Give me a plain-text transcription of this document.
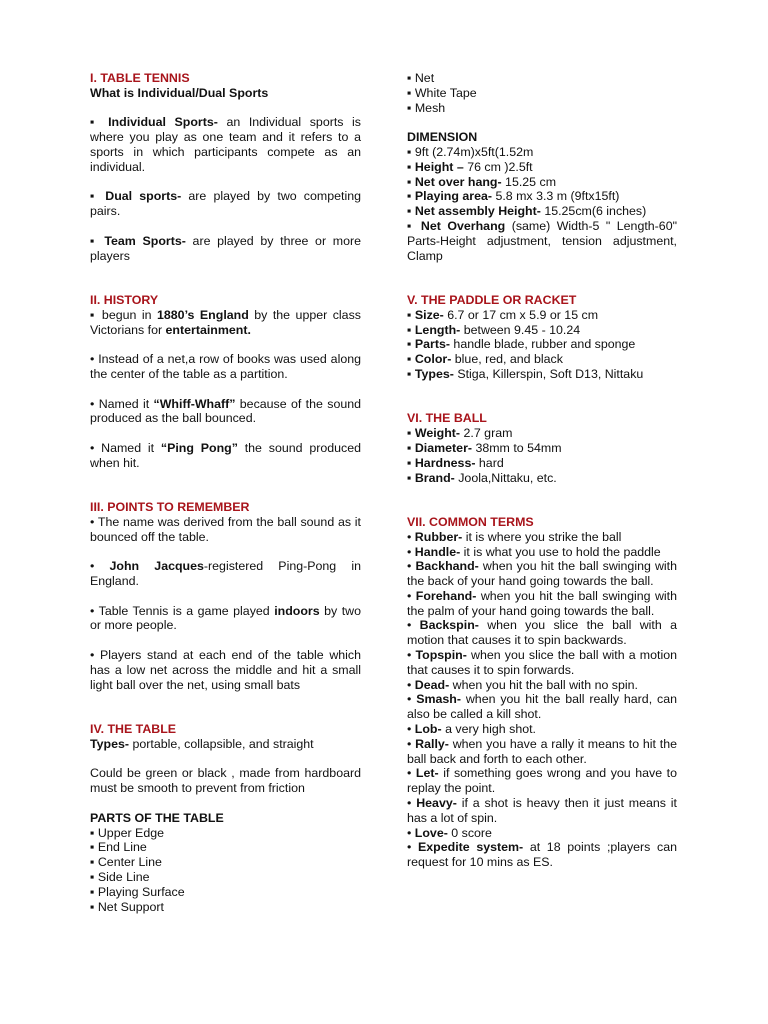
I. TABLE TENNIS

What is Individual/Dual Sports

▪ Individual Sports- an Individual sports is where you play as one team and it refers to a sports in which participants compete as an individual.

▪ Dual sports- are played by two competing pairs.

▪ Team Sports- are played by three or more players

II. HISTORY

▪ begun in 1880’s England by the upper class Victorians for entertainment.

• Instead of a net,a row of books was used along the center of the table as a partition.

• Named it “Whiff-Whaff” because of the sound produced as the ball bounced.

• Named it “Ping Pong” the sound produced when hit.

III. POINTS TO REMEMBER

• The name was derived from the ball sound as it bounced off the table.

• John Jacques-registered Ping-Pong in England.

• Table Tennis is a game played indoors by two or more people.

• Players stand at each end of the table which has a low net across the middle and hit a small light ball over the net, using small bats

IV. THE TABLE

Types- portable, collapsible, and straight

Could be green or black , made from hardboard must be smooth to prevent from friction

PARTS OF THE TABLE

▪ Upper Edge

▪ End Line

▪ Center Line

▪ Side Line

▪ Playing Surface

▪ Net Support

▪ Net

▪ White Tape

▪ Mesh

DIMENSION

▪ 9ft (2.74m)x5ft(1.52m

▪ Height – 76 cm )2.5ft

▪ Net over hang- 15.25 cm

▪ Playing area- 5.8 mx 3.3 m (9ftx15ft)

▪ Net assembly Height- 15.25cm(6 inches)

▪ Net Overhang (same) Width-5 " Length-60" Parts-Height adjustment, tension adjustment, Clamp

V. THE PADDLE OR RACKET

▪ Size- 6.7 or 17 cm x 5.9 or 15 cm

▪ Length- between 9.45 - 10.24

▪ Parts- handle blade, rubber and sponge

▪ Color- blue, red, and black

▪ Types- Stiga, Killerspin, Soft D13, Nittaku

VI. THE BALL

▪ Weight- 2.7 gram

▪ Diameter- 38mm to 54mm

▪ Hardness- hard

▪ Brand- Joola,Nittaku, etc.

VII. COMMON TERMS

• Rubber- it is where you strike the ball

• Handle- it is what you use to hold the paddle

• Backhand- when you hit the ball swinging with the back of your hand going towards the ball.

• Forehand- when you hit the ball swinging with the palm of your hand going towards the ball.

• Backspin- when you slice the ball with a motion that causes it to spin backwards.

• Topspin- when you slice the ball with a motion that causes it to spin forwards.

• Dead- when you hit the ball with no spin.

• Smash- when you hit the ball really hard, can also be called a kill shot.

• Lob- a very high shot.

• Rally- when you have a rally it means to hit the ball back and forth to each other.

• Let- if something goes wrong and you have to replay the point.

• Heavy- if a shot is heavy then it just means it has a lot of spin.

• Love- 0 score

• Expedite system- at 18 points ;players can request for 10 mins as ES.
